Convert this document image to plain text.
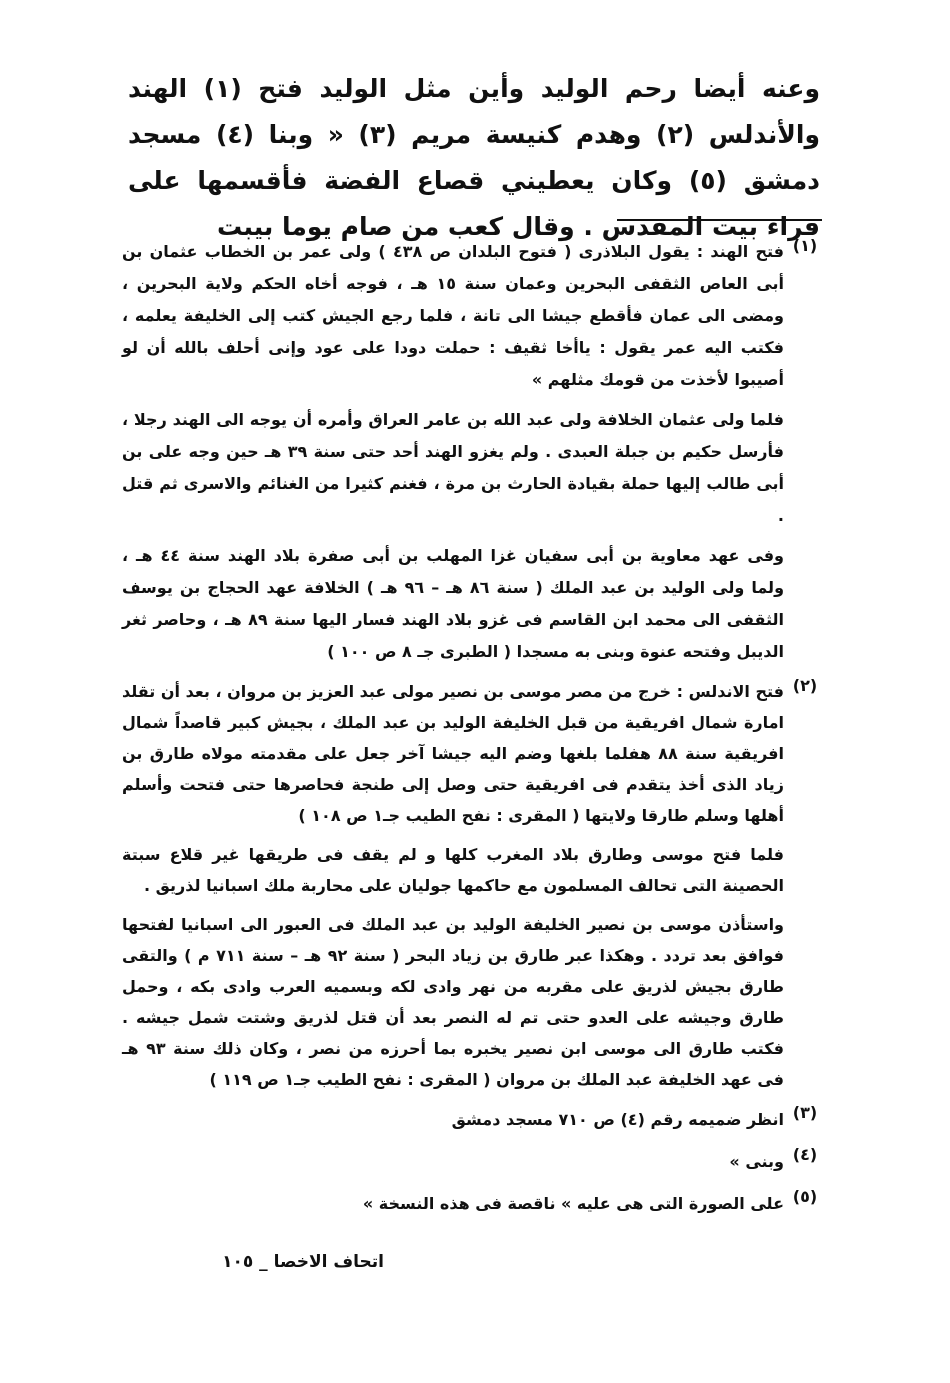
وعنه أيضا رحم الوليد وأين مثل الوليد فتح (١) الهند والأندلس (٢) وهدم كنيسة مريم (٣) « وبنا (٤) مسجد دمشق (٥) وكان يعطيني قصاع الفضة فأقسمها على قراء بيت المقدس . وقال كعب من صام يوما بيبت
(١)

فتح الهند : يقول البلاذرى ( فتوح البلدان ص ٤٣٨ ) ولى عمر بن الخطاب عثمان بن أبى العاص الثقفى البحرين وعمان سنة ١٥ هـ ، فوجه أخاه الحكم ولاية البحرين ، ومضى الى عمان فأقطع جيشا الى تانة ، فلما رجع الجيش كتب إلى الخليفة يعلمه ، فكتب اليه عمر يقول : ياأخا ثقيف : حملت دودا على عود وإنى أحلف بالله أن لو أصيبوا لأخذت من قومك مثلهم »

فلما ولى عثمان الخلافة ولى عبد الله بن عامر العراق وأمره أن يوجه الى الهند رجلا ، فأرسل حكيم بن جبلة العبدى . ولم يغزو الهند أحد حتى سنة ٣٩ هـ حين وجه على بن أبى طالب إليها حملة بقيادة الحارث بن مرة ، فغنم كثيرا من الغنائم والاسرى ثم قتل .

وفى عهد معاوية بن أبى سفيان غزا المهلب بن أبى صفرة بلاد الهند سنة ٤٤ هـ ، ولما ولى الوليد بن عبد الملك ( سنة ٨٦ هـ – ٩٦ هـ ) الخلافة عهد الحجاج بن يوسف الثقفى الى محمد ابن القاسم فى غزو بلاد الهند فسار اليها سنة ٨٩ هـ ، وحاصر ثغر الديبل وفتحه عنوة وبنى به مسجدا ( الطبرى جـ ٨ ص ١٠٠ )

(٢)

فتح الاندلس : خرج من مصر موسى بن نصير مولى عبد العزيز بن مروان ، بعد أن تقلد امارة شمال افريقية من قبل الخليفة الوليد بن عبد الملك ، بجيش كبير قاصداً شمال افريقية سنة ٨٨ هفلما بلغها وضم اليه جيشا آخر جعل على مقدمته مولاه طارق بن زياد الذى أخذ يتقدم فى افريقية حتى وصل إلى طنجة فحاصرها حتى فتحت وأسلم أهلها وسلم طارقا ولايتها ( المقرى : نفح الطيب جـ١ ص ١٠٨ )

فلما فتح موسى وطارق بلاد المغرب كلها و لم يقف فى طريقها غير قلاع سبتة الحصينة التى تحالف المسلمون مع حاكمها جوليان على محاربة ملك اسبانيا لذريق .

واستأذن موسى بن نصير الخليفة الوليد بن عبد الملك فى العبور الى اسبانيا لفتحها فوافق بعد تردد . وهكذا عبر طارق بن زياد البحر ( سنة ٩٢ هـ – سنة ٧١١ م ) والتقى طارق بجيش لذريق على مقربه من نهر وادى لكه وبسميه العرب وادى بكه ، وحمل طارق وجيشه على العدو حتى تم له النصر بعد أن قتل لذريق وشتت شمل جيشه . فكتب طارق الى موسى ابن نصير يخبره بما أحرزه من نصر ، وكان ذلك سنة ٩٣ هـ فى عهد الخليفة عبد الملك بن مروان ( المقرى : نفح الطيب جـ١ ص ١١٩ )

(٣)

انظر ضميمه رقم (٤) ص ٧١٠ مسجد دمشق

(٤)

وبنى »

(٥)

على الصورة التى هى عليه » ناقصة فى هذه النسخة »

اتحاف الاخصا _ ١٠٥
